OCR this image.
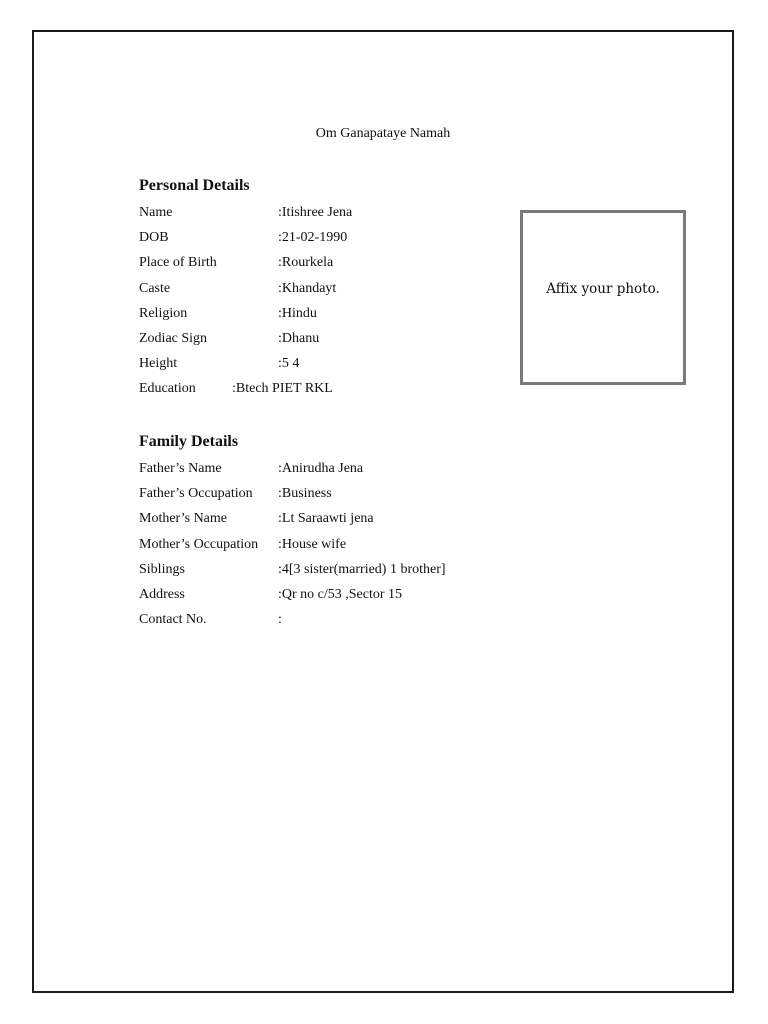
Om Ganapataye Namah
Personal Details
Name	:Itishree Jena
DOB	:21-02-1990
Place of Birth	:Rourkela
Caste	:Khandayt
Religion	:Hindu
Zodiac Sign	:Dhanu
Height	:5 4
Education	:Btech PIET RKL
Affix your photo.
Family Details
Father’s Name	:Anirudha Jena
Father’s Occupation :Business
Mother’s Name	:Lt Saraawti jena
Mother’s Occupation :House wife
Siblings	:4[3 sister(married) 1 brother]
Address	:Qr no c/53 ,Sector 15
Contact No.	:
